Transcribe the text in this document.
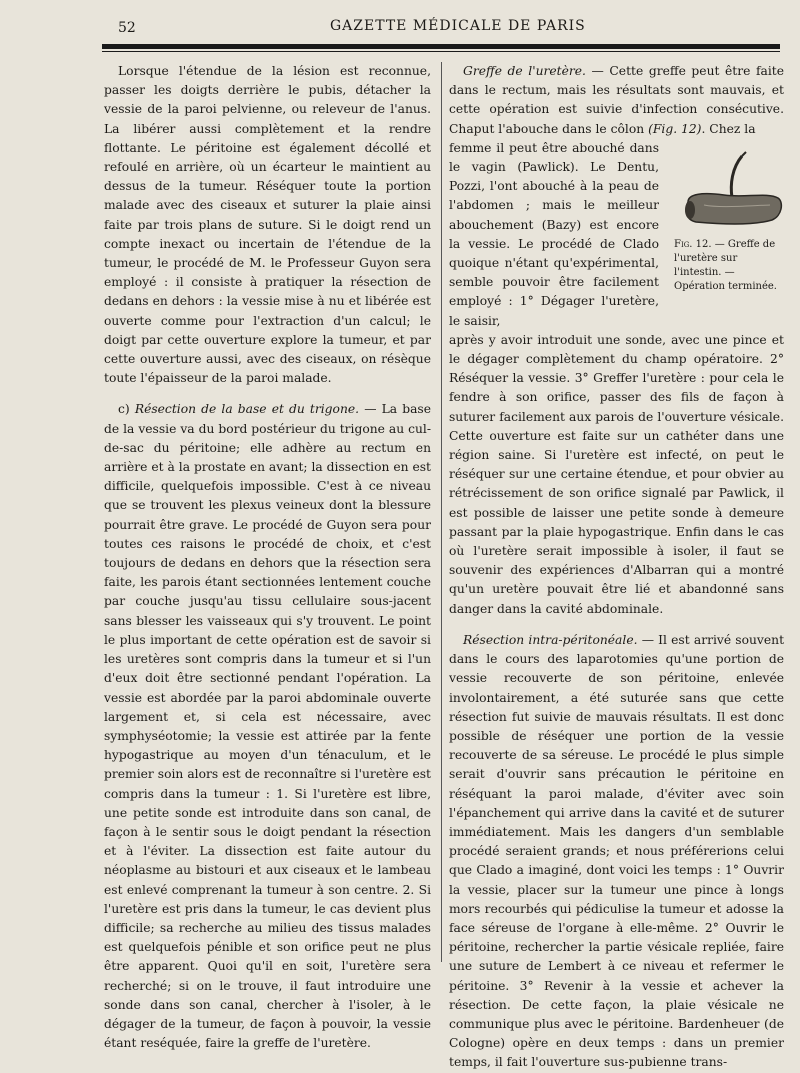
52	GAZETTE MÉDICALE DE PARIS

Lorsque l'étendue de la lésion est reconnue, passer les doigts derrière le pubis, détacher la vessie de la paroi pelvienne, ou releveur de l'anus. La libérer aussi complètement et la rendre flottante. Le péritoine est également décollé et refoulé en arrière, où un écarteur le maintient au dessus de la tumeur. Réséquer toute la portion malade avec des ciseaux et suturer la plaie ainsi faite par trois plans de suture. Si le doigt rend un compte inexact ou incertain de l'étendue de la tumeur, le procédé de M. le Professeur Guyon sera employé : il consiste à pratiquer la résection de dedans en dehors : la vessie mise à nu et libérée est ouverte comme pour l'extraction d'un calcul; le doigt par cette ouverture explore la tumeur, et par cette ouverture aussi, avec des ciseaux, on résèque toute l'épaisseur de la paroi malade.

c) Résection de la base et du trigone. — La base de la vessie va du bord postérieur du trigone au cul-de-sac du péritoine; elle adhère au rectum en arrière et à la prostate en avant; la dissection en est difficile, quelquefois impossible. C'est à ce niveau que se trouvent les plexus veineux dont la blessure pourrait être grave. Le procédé de Guyon sera pour toutes ces raisons le procédé de choix, et c'est toujours de dedans en dehors que la résection sera faite, les parois étant sectionnées lentement couche par couche jusqu'au tissu cellulaire sous-jacent sans blesser les vaisseaux qui s'y trouvent. Le point le plus important de cette opération est de savoir si les uretères sont compris dans la tumeur et si l'un d'eux doit être sectionné pendant l'opération. La vessie est abordée par la paroi abdominale ouverte largement et, si cela est nécessaire, avec symphyséotomie; la vessie est attirée par la fente hypogastrique au moyen d'un ténaculum, et le premier soin alors est de reconnaître si l'uretère est compris dans la tumeur : 1. Si l'uretère est libre, une petite sonde est introduite dans son canal, de façon à le sentir sous le doigt pendant la résection et à l'éviter. La dissection est faite autour du néoplasme au bistouri et aux ciseaux et le lambeau est enlevé comprenant la tumeur à son centre. 2. Si l'uretère est pris dans la tumeur, le cas devient plus difficile; sa recherche au milieu des tissus malades est quelquefois pénible et son orifice peut ne plus être apparent. Quoi qu'il en soit, l'uretère sera recherché; si on le trouve, il faut introduire une sonde dans son canal, chercher à l'isoler, à le dégager de la tumeur, de façon à pouvoir, la vessie étant reséquée, faire la greffe de l'uretère.

Greffe de l'uretère. — Cette greffe peut être faite dans le rectum, mais les résultats sont mauvais, et cette opération est suivie d'infection consécutive. Chaput l'abouche dans le côlon (Fig. 12). Chez la

femme il peut être abouché dans le vagin (Pawlick). Le Dentu, Pozzi, l'ont abouché à la peau de l'abdomen ; mais le meilleur abouchement (Bazy) est encore la vessie. Le procédé de Clado quoique n'étant qu'expérimental, semble pouvoir être facilement employé : 1° Dégager l'uretère, le saisir,

après y avoir introduit une sonde, avec une pince et le dégager complètement du champ opératoire. 2° Réséquer la vessie. 3° Greffer l'uretère : pour cela le fendre à son orifice, passer des fils de façon à suturer facilement aux parois de l'ouverture vésicale. Cette ouverture est faite sur un cathéter dans une région saine. Si l'uretère est infecté, on peut le réséquer sur une certaine étendue, et pour obvier au rétrécissement de son orifice signalé par Pawlick, il est possible de laisser une petite sonde à demeure passant par la plaie hypogastrique. Enfin dans le cas où l'uretère serait impossible à isoler, il faut se souvenir des expériences d'Albarran qui a montré qu'un uretère pouvait être lié et abandonné sans danger dans la cavité abdominale.

Résection intra-péritonéale. — Il est arrivé souvent dans le cours des laparotomies qu'une portion de vessie recouverte de son péritoine, enlevée involontairement, a été suturée sans que cette résection fut suivie de mauvais résultats. Il est donc possible de réséquer une portion de la vessie recouverte de sa séreuse. Le procédé le plus simple serait d'ouvrir sans précaution le péritoine en réséquant la paroi malade, d'éviter avec soin l'épanchement qui arrive dans la cavité et de suturer immédiatement. Mais les dangers d'un semblable procédé seraient grands; et nous préférerions celui que Clado a imaginé, dont voici les temps : 1° Ouvrir la vessie, placer sur la tumeur une pince à longs mors recourbés qui pédiculise la tumeur et adosse la face séreuse de l'organe à elle-même. 2° Ouvrir le péritoine, rechercher la partie vésicale repliée, faire une suture de Lembert à ce niveau et refermer le péritoine. 3° Revenir à la vessie et achever la résection. De cette façon, la plaie vésicale ne communique plus avec le péritoine. Bardenheuer (de Cologne) opère en deux temps : dans un premier temps, il fait l'ouverture sus-pubienne trans-

Fig. 12. — Greffe de l'uretère sur l'intestin. — Opération terminée.
